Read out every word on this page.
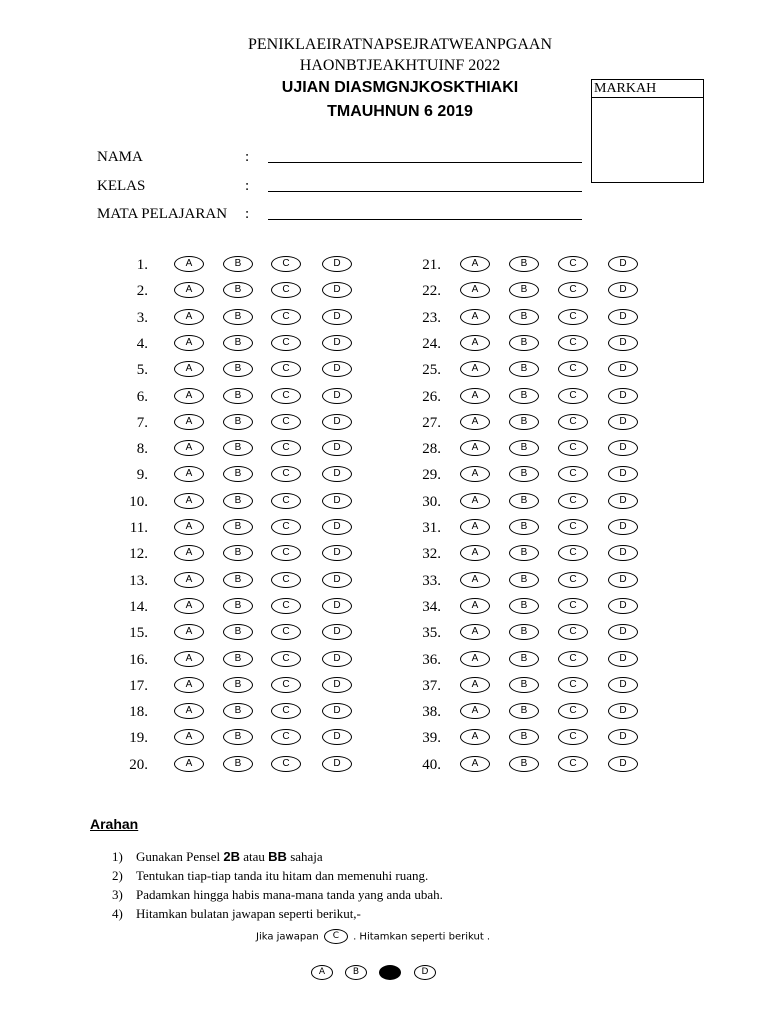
PENIKLAEIRATNAPSEJRATWEANPGAAN
HAONBTJEAKHTUINF 2022
UJIAN DIASMGNJKOSKTHIAKI
TMAUHNUN 6 2019
MARKAH
NAMA	:
KELAS	:
MATA PELAJARAN :
1.	A	B	C	D
2.	A	B	C	D
3.	A	B	C	D
4.	A	B	C	D
5.	A	B	C	D
6.	A	B	C	D
7.	A	B	C	D
8.	A	B	C	D
9.	A	B	C	D
10.	A	B	C	D
11.	A	B	C	D
12.	A	B	C	D
13.	A	B	C	D
14.	A	B	C	D
15.	A	B	C	D
16.	A	B	C	D
17.	A	B	C	D
18.	A	B	C	D
19.	A	B	C	D
20.	A	B	C	D
21.	A	B	C	D
22.	A	B	C	D
23.	A	B	C	D
24.	A	B	C	D
25.	A	B	C	D
26.	A	B	C	D
27.	A	B	C	D
28.	A	B	C	D
29.	A	B	C	D
30.	A	B	C	D
31.	A	B	C	D
32.	A	B	C	D
33.	A	B	C	D
34.	A	B	C	D
35.	A	B	C	D
36.	A	B	C	D
37.	A	B	C	D
38.	A	B	C	D
39.	A	B	C	D
40.	A	B	C	D
Arahan
1) Gunakan Pensel 2B atau BB sahaja
2) Tentukan tiap-tiap tanda itu hitam dan memenuhi ruang.
3) Padamkan hingga habis mana-mana tanda yang anda ubah.
4) Hitamkan bulatan jawapan seperti berikut,-
Jika jawapan C . Hitamkan seperti berikut .
A	B	D
